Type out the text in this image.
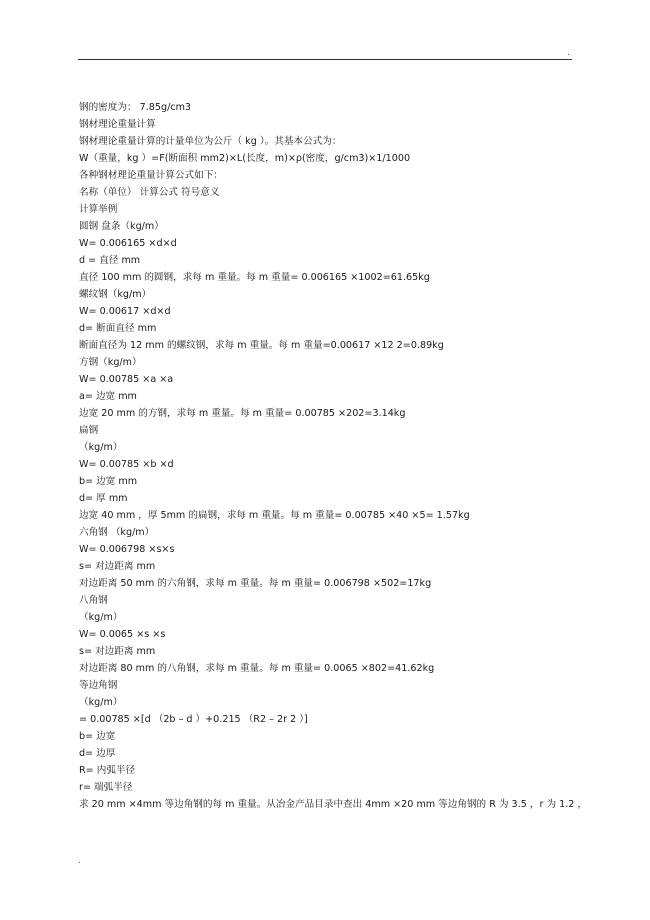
.
钢的密度为： 7.85g/cm3
钢材理论重量计算
钢材理论重量计算的计量单位为公斤（ kg ）。其基本公式为：
W（重量，kg ）=F(断面积 mm2)×L(长度，m)×ρ(密度，g/cm3)×1/1000
各种钢材理论重量计算公式如下：
名称（单位） 计算公式 符号意义
计算举例
圆钢 盘条（kg/m）
W= 0.006165 ×d×d
d = 直径 mm
直径 100 mm 的圆钢，求每 m 重量。每 m 重量= 0.006165 ×1002=61.65kg
螺纹钢（kg/m）
W= 0.00617 ×d×d
d= 断面直径 mm
断面直径为 12 mm 的螺纹钢，求每 m 重量。每 m 重量=0.00617 ×12 2=0.89kg
方钢（kg/m）
W= 0.00785 ×a ×a
a= 边宽 mm
边宽 20 mm 的方钢，求每 m 重量。每 m 重量= 0.00785 ×202=3.14kg
扁钢
（kg/m）
W= 0.00785 ×b ×d
b= 边宽 mm
d= 厚 mm
边宽 40 mm ，厚 5mm 的扁钢，求每 m 重量。每 m 重量= 0.00785 ×40 ×5= 1.57kg
六角钢 （kg/m）
W= 0.006798 ×s×s
s= 对边距离 mm
对边距离 50 mm 的六角钢，求每 m 重量。每 m 重量= 0.006798 ×502=17kg
八角钢
（kg/m）
W= 0.0065 ×s ×s
s= 对边距离 mm
对边距离 80 mm 的八角钢，求每 m 重量。每 m 重量= 0.0065 ×802=41.62kg
等边角钢
（kg/m）
= 0.00785 ×[d （2b – d ）+0.215 （R2 – 2r 2 ）]
b= 边宽
d= 边厚
R= 内弧半径
r= 端弧半径
求 20 mm ×4mm 等边角钢的每 m 重量。从冶金产品目录中查出 4mm ×20 mm 等边角钢的 R 为 3.5 ，r 为 1.2 ，
.
